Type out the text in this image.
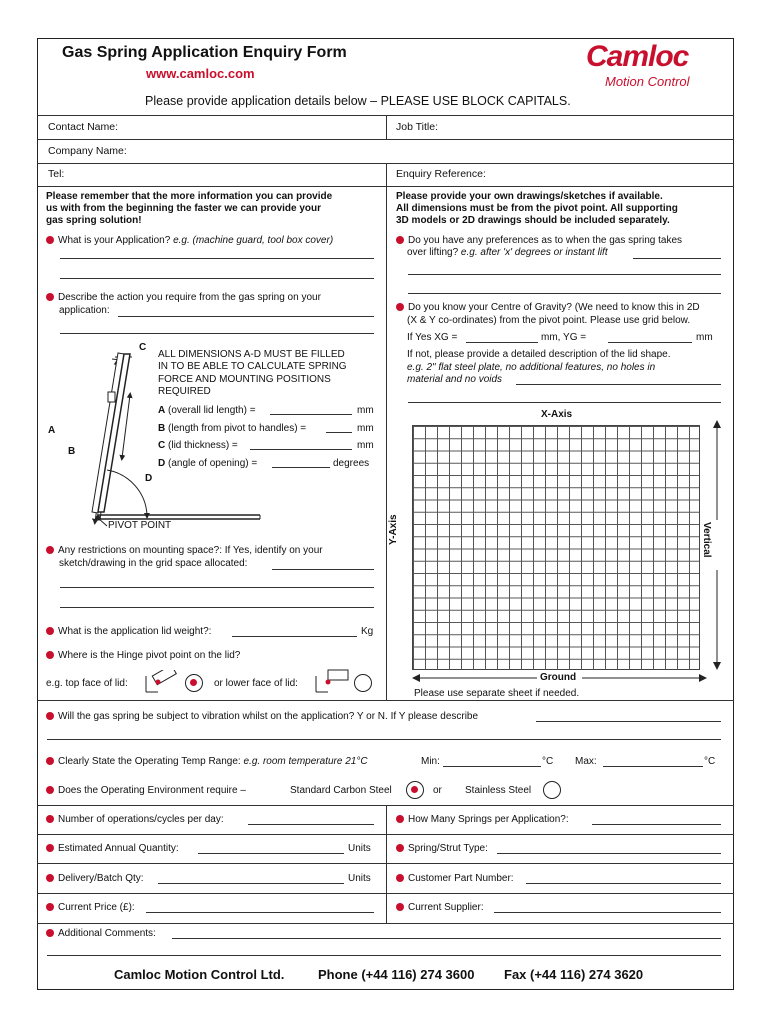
Gas Spring Application Enquiry Form
www.camloc.com
Camloc
Motion Control
Please provide application details below – PLEASE USE BLOCK CAPITALS.
Contact Name:	Job Title:
Company Name:
Tel:	Enquiry Reference:
Please remember that the more information you can provide
us with from the beginning the faster we can provide your
gas spring solution!
What is your Application? e.g. (machine guard, tool box cover)
Describe the action you require from the gas spring on your
application:
C
A
B
D
PIVOT POINT
ALL DIMENSIONS A-D MUST BE FILLED
IN TO BE ABLE TO CALCULATE SPRING
FORCE AND MOUNTING POSITIONS
REQUIRED
A (overall lid length) =	mm
B (length from pivot to handles) =	mm
C (lid thickness) =	mm
D (angle of opening) =	degrees
Any restrictions on mounting space?: If Yes, identify on your
sketch/drawing in the grid space allocated:
What is the application lid weight?:	Kg
Where is the Hinge pivot point on the lid?
e.g. top face of lid:	or lower face of lid:
Please provide your own drawings/sketches if available.
All dimensions must be from the pivot point. All supporting
3D models or 2D drawings should be included separately.
Do you have any preferences as to when the gas spring takes
over lifting? e.g. after 'x' degrees or instant lift
Do you know your Centre of Gravity? (We need to know this in 2D
(X & Y co-ordinates) from the pivot point. Please use grid below.
If Yes XG =	mm, YG =	mm
If not, please provide a detailed description of the lid shape.
e.g. 2" flat steel plate, no additional features, no holes in
material and no voids
X-Axis
Y-Axis	Vertical
Ground
Please use separate sheet if needed.
Will the gas spring be subject to vibration whilst on the application? Y or N. If Y please describe
Clearly State the Operating Temp Range: e.g. room temperature 21°C	Min:	°C Max:	°C
Does the Operating Environment require –	Standard Carbon Steel	or Stainless Steel
Number of operations/cycles per day:	How Many Springs per Application?:
Estimated Annual Quantity:	Units	Spring/Strut Type:
Delivery/Batch Qty:	Units	Customer Part Number:
Current Price (£):	Current Supplier:
Additional Comments:
Camloc Motion Control Ltd.	Phone (+44 116) 274 3600 Fax (+44 116) 274 3620
